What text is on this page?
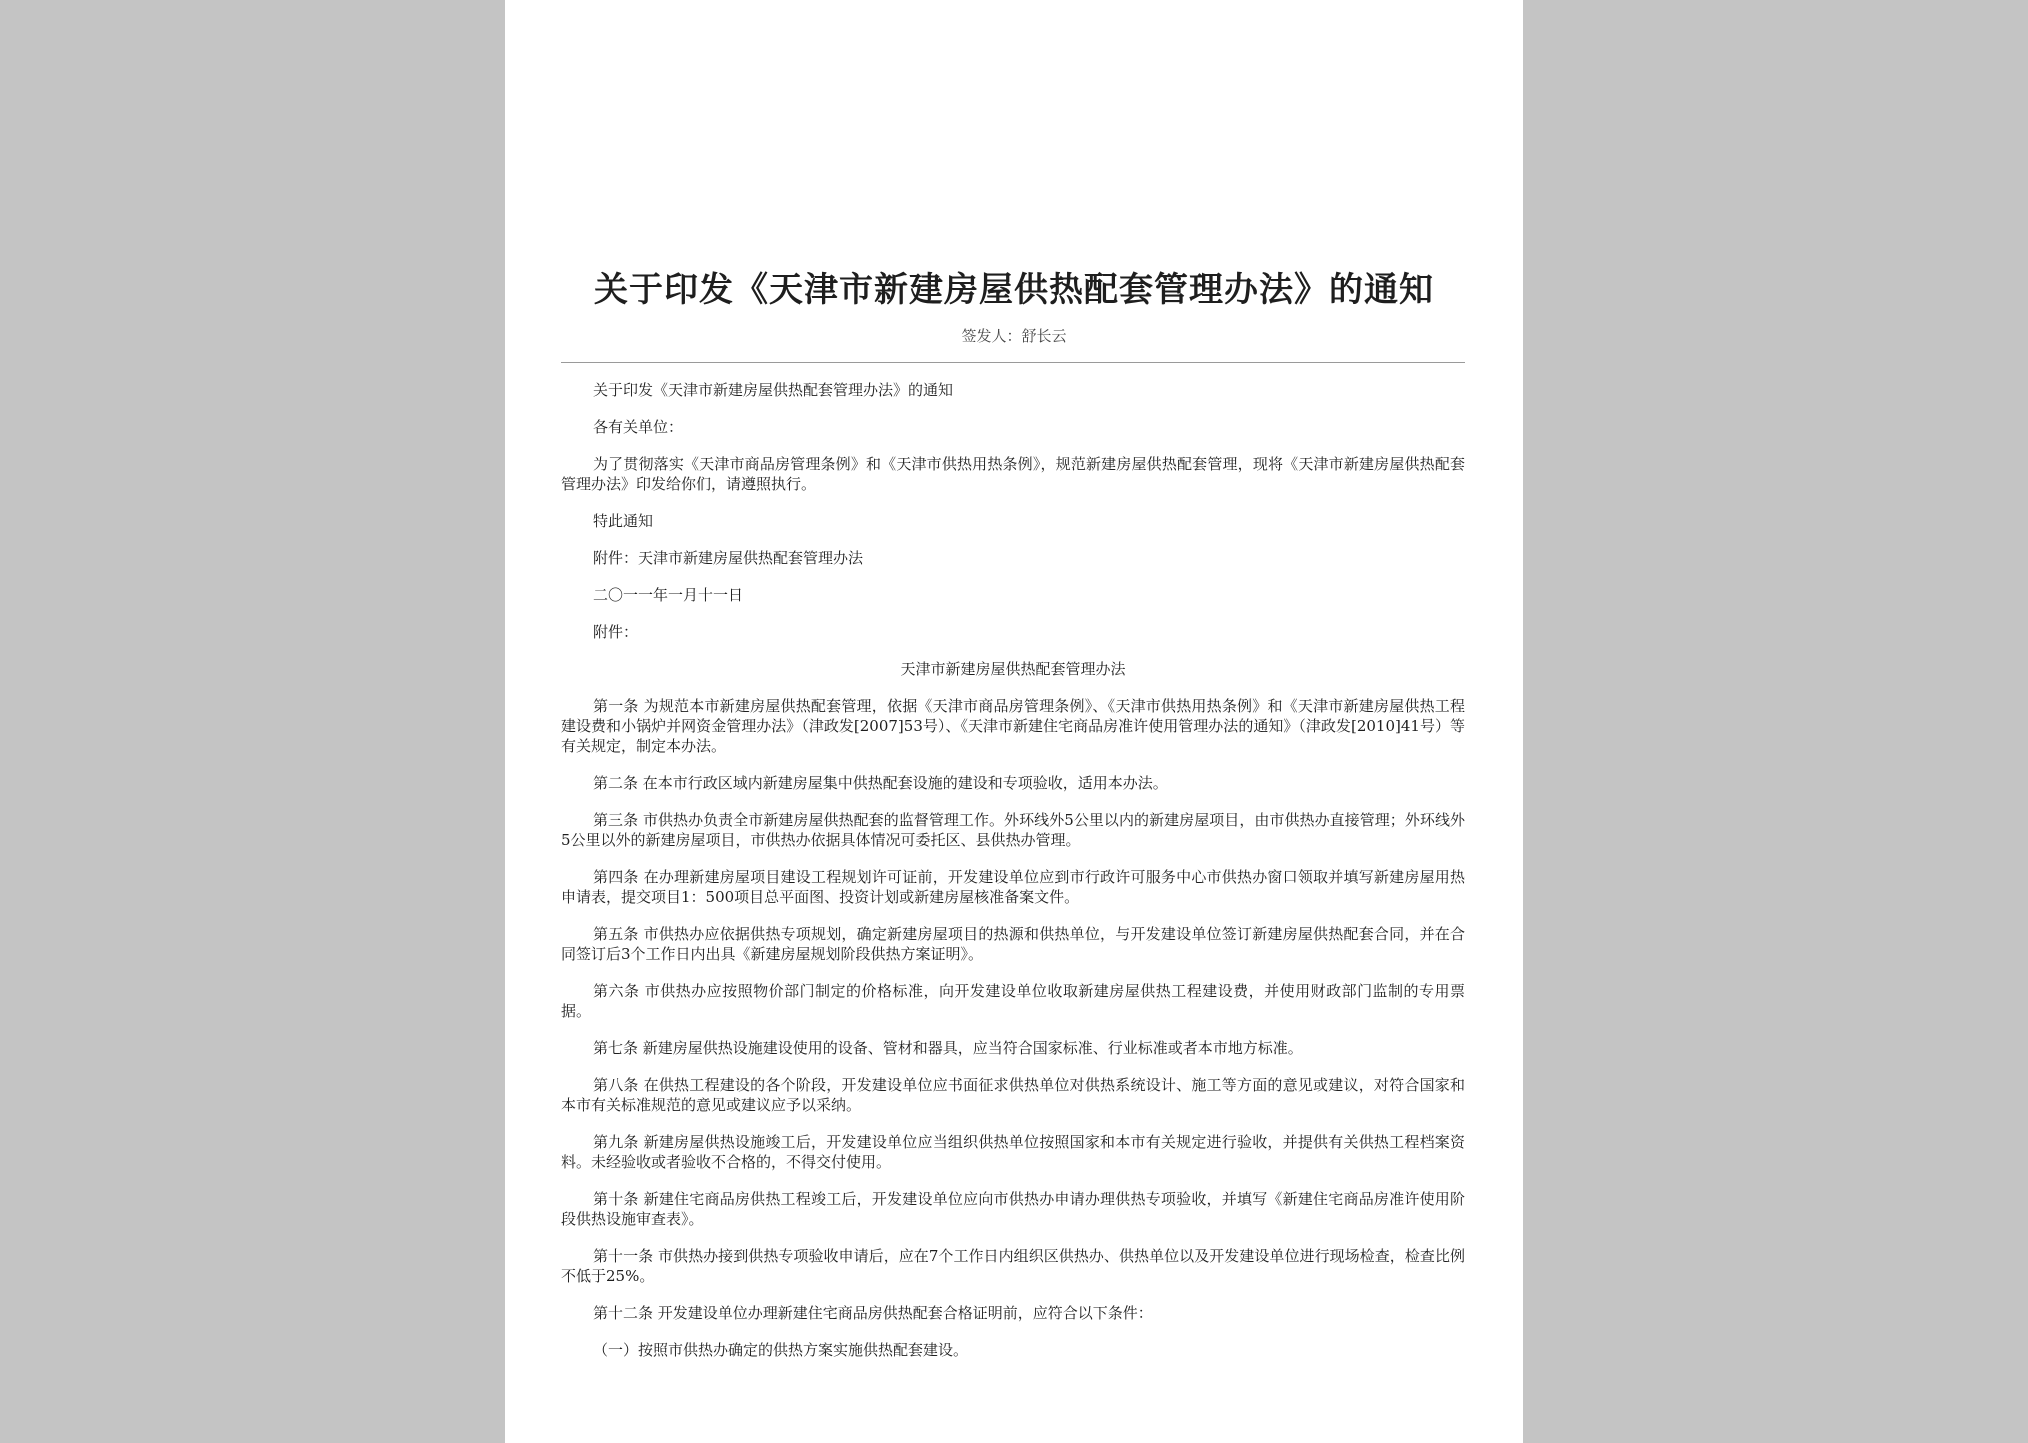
关于印发《天津市新建房屋供热配套管理办法》的通知
签发人：舒长云

关于印发《天津市新建房屋供热配套管理办法》的通知

各有关单位：

为了贯彻落实《天津市商品房管理条例》和《天津市供热用热条例》，规范新建房屋供热配套管理，现将《天津市新建房屋供热配套管理办法》印发给你们，请遵照执行。

特此通知

附件：天津市新建房屋供热配套管理办法

二〇一一年一月十一日

附件：

天津市新建房屋供热配套管理办法

第一条 为规范本市新建房屋供热配套管理，依据《天津市商品房管理条例》、《天津市供热用热条例》和《天津市新建房屋供热工程建设费和小锅炉并网资金管理办法》（津政发[2007]53号）、《天津市新建住宅商品房准许使用管理办法的通知》（津政发[2010]41号）等有关规定，制定本办法。

第二条 在本市行政区域内新建房屋集中供热配套设施的建设和专项验收，适用本办法。

第三条 市供热办负责全市新建房屋供热配套的监督管理工作。外环线外5公里以内的新建房屋项目，由市供热办直接管理；外环线外5公里以外的新建房屋项目，市供热办依据具体情况可委托区、县供热办管理。

第四条 在办理新建房屋项目建设工程规划许可证前，开发建设单位应到市行政许可服务中心市供热办窗口领取并填写新建房屋用热申请表，提交项目1：500项目总平面图、投资计划或新建房屋核准备案文件。

第五条 市供热办应依据供热专项规划，确定新建房屋项目的热源和供热单位，与开发建设单位签订新建房屋供热配套合同，并在合同签订后3个工作日内出具《新建房屋规划阶段供热方案证明》。

第六条 市供热办应按照物价部门制定的价格标准，向开发建设单位收取新建房屋供热工程建设费，并使用财政部门监制的专用票据。

第七条 新建房屋供热设施建设使用的设备、管材和器具，应当符合国家标准、行业标准或者本市地方标准。

第八条 在供热工程建设的各个阶段，开发建设单位应书面征求供热单位对供热系统设计、施工等方面的意见或建议，对符合国家和本市有关标准规范的意见或建议应予以采纳。

第九条 新建房屋供热设施竣工后，开发建设单位应当组织供热单位按照国家和本市有关规定进行验收，并提供有关供热工程档案资料。未经验收或者验收不合格的，不得交付使用。

第十条 新建住宅商品房供热工程竣工后，开发建设单位应向市供热办申请办理供热专项验收，并填写《新建住宅商品房准许使用阶段供热设施审查表》。

第十一条 市供热办接到供热专项验收申请后，应在7个工作日内组织区供热办、供热单位以及开发建设单位进行现场检查，检查比例不低于25%。

第十二条 开发建设单位办理新建住宅商品房供热配套合格证明前，应符合以下条件：

（一）按照市供热办确定的供热方案实施供热配套建设。
